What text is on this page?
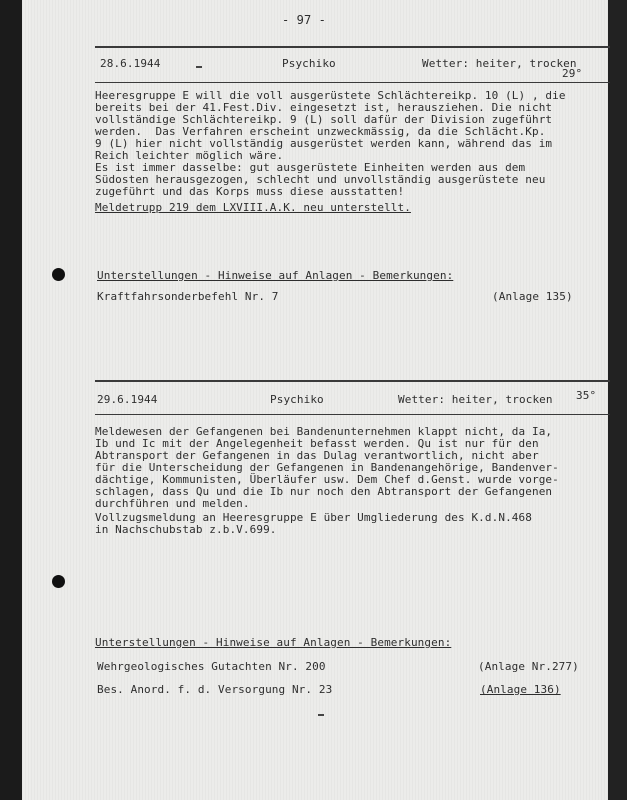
- 97 -
28.6.1944	Psychiko	Wetter: heiter, trocken
29°
Heeresgruppe E will die voll ausgerüstete Schlächtereikp. 10 (L) , die
bereits bei der 41.Fest.Div. eingesetzt ist, herausziehen. Die nicht
vollständige Schlächtereikp. 9 (L) soll dafür der Division zugeführt
werden.  Das Verfahren erscheint unzweckmässig, da die Schlächt.Kp.
9 (L) hier nicht vollständig ausgerüstet werden kann, während das im
Reich leichter möglich wäre.
Es ist immer dasselbe: gut ausgerüstete Einheiten werden aus dem
Südosten herausgezogen, schlecht und unvollständig ausgerüstete neu
zugeführt und das Korps muss diese ausstatten!
Meldetrupp 219 dem LXVIII.A.K. neu unterstellt.
Unterstellungen - Hinweise auf Anlagen - Bemerkungen:
Kraftfahrsonderbefehl Nr. 7	(Anlage 135)
29.6.1944	Psychiko	Wetter: heiter, trocken 35°
Meldewesen der Gefangenen bei Bandenunternehmen klappt nicht, da Ia,
Ib und Ic mit der Angelegenheit befasst werden. Qu ist nur für den
Abtransport der Gefangenen in das Dulag verantwortlich, nicht aber
für die Unterscheidung der Gefangenen in Bandenangehörige, Bandenver-
dächtige, Kommunisten, Überläufer usw. Dem Chef d.Genst. wurde vorge-
schlagen, dass Qu und die Ib nur noch den Abtransport der Gefangenen
durchführen und melden.
Vollzugsmeldung an Heeresgruppe E über Umgliederung des K.d.N.468
in Nachschubstab z.b.V.699.
Unterstellungen - Hinweise auf Anlagen - Bemerkungen:
Wehrgeologisches Gutachten Nr. 200	(Anlage Nr.277)
Bes. Anord. f. d. Versorgung Nr. 23	(Anlage 136)
